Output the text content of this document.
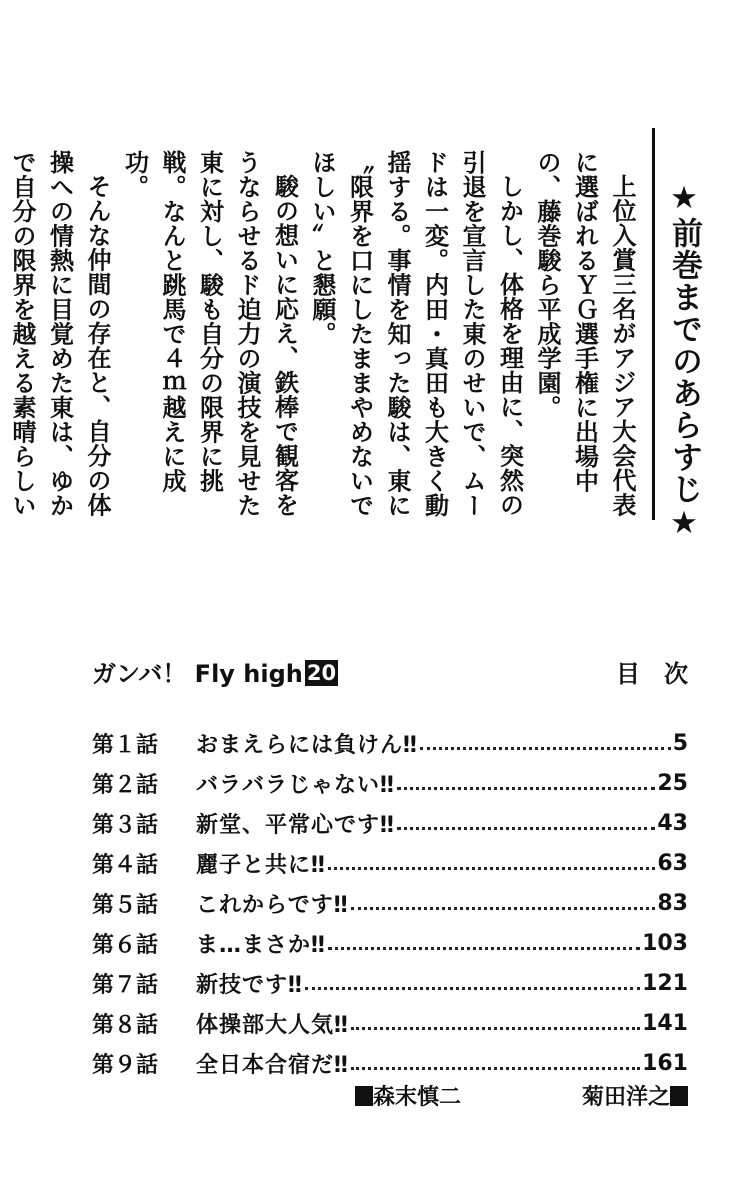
★前巻までのあらすじ★

上位入賞三名がアジア大会代表に選ばれるＹＧ選手権に出場中の、藤巻駿ら平成学園。

しかし、体格を理由に、突然の引退を宣言した東のせいで、ムードは一変。内田・真田も大きく動揺する。事情を知った駿は、東に〝限界を口にしたままやめないでほしい〟と懇願。

駿の想いに応え、鉄棒で観客をうならせるド迫力の演技を見せた東に対し、駿も自分の限界に挑戦。なんと跳馬で４ｍ越えに成功。

そんな仲間の存在と、自分の体操への情熱に目覚めた東は、ゆかで自分の限界を越える素晴らしい

ガンバ！ Fly high 20	目次
第１話	おまえらには負けん‼	5
第２話	バラバラじゃない‼	25
第３話	新堂、平常心です‼	43
第４話	麗子と共に‼	63
第５話	これからです‼	83
第６話	ま…まさか‼	103
第７話	新技です‼	121
第８話	体操部大人気‼	141
第９話	全日本合宿だ‼	161
森末慎二	菊田洋之
